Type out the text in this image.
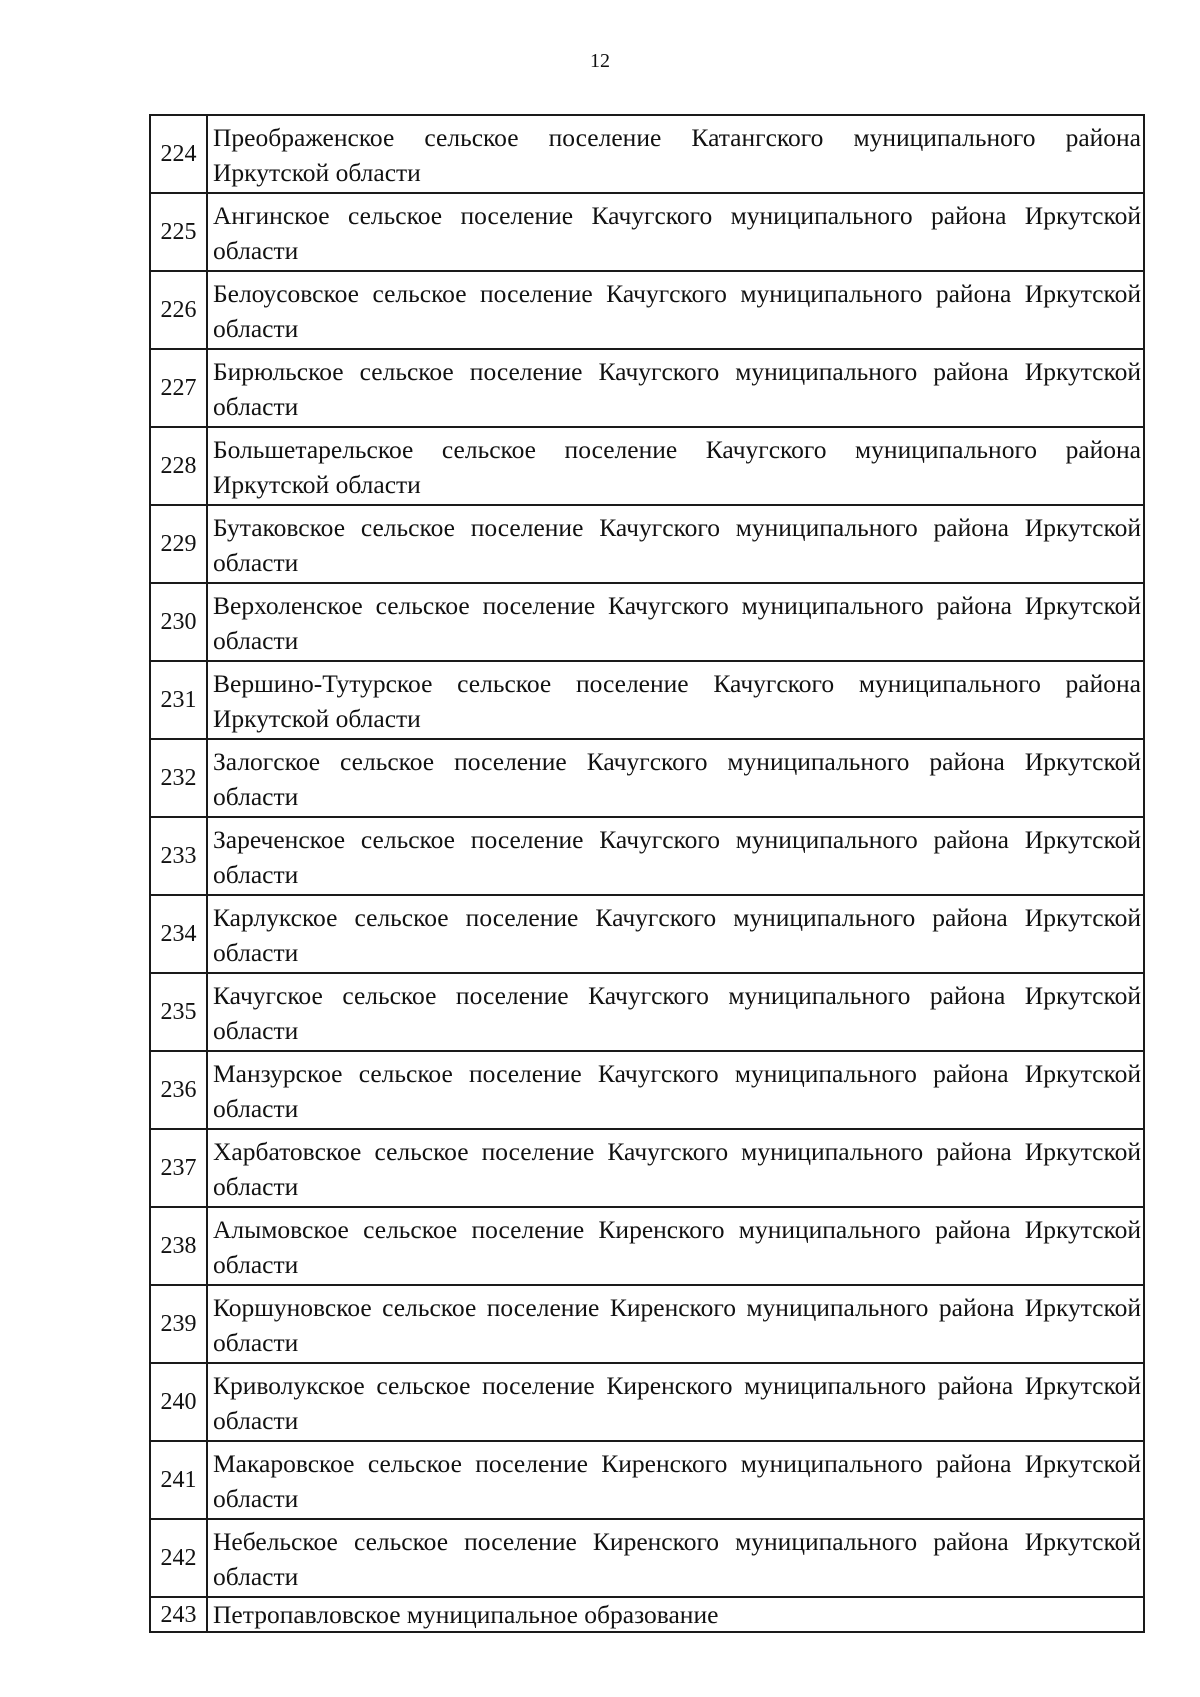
12
224	Преображенское сельское поселение Катангского муниципального района Иркутской области
225	Ангинское сельское поселение Качугского муниципального района Иркутской области
226	Белоусовское сельское поселение Качугского муниципального района Иркутской области
227	Бирюльское сельское поселение Качугского муниципального района Иркутской области
228	Большетарельское сельское поселение Качугского муниципального района Иркутской области
229	Бутаковское сельское поселение Качугского муниципального района Иркутской области
230	Верхоленское сельское поселение Качугского муниципального района Иркутской области
231	Вершино-Тутурское сельское поселение Качугского муниципального района Иркутской области
232	Залогское сельское поселение Качугского муниципального района Иркутской области
233	Зареченское сельское поселение Качугского муниципального района Иркутской области
234	Карлукское сельское поселение Качугского муниципального района Иркутской области
235	Качугское сельское поселение Качугского муниципального района Иркутской области
236	Манзурское сельское поселение Качугского муниципального района Иркутской области
237	Харбатовское сельское поселение Качугского муниципального района Иркутской области
238	Алымовское сельское поселение Киренского муниципального района Иркутской области
239	Коршуновское сельское поселение Киренского муниципального района Иркутской области
240	Криволукское сельское поселение Киренского муниципального района Иркутской области
241	Макаровское сельское поселение Киренского муниципального района Иркутской области
242	Небельское сельское поселение Киренского муниципального района Иркутской области
243	Петропавловское муниципальное образование
